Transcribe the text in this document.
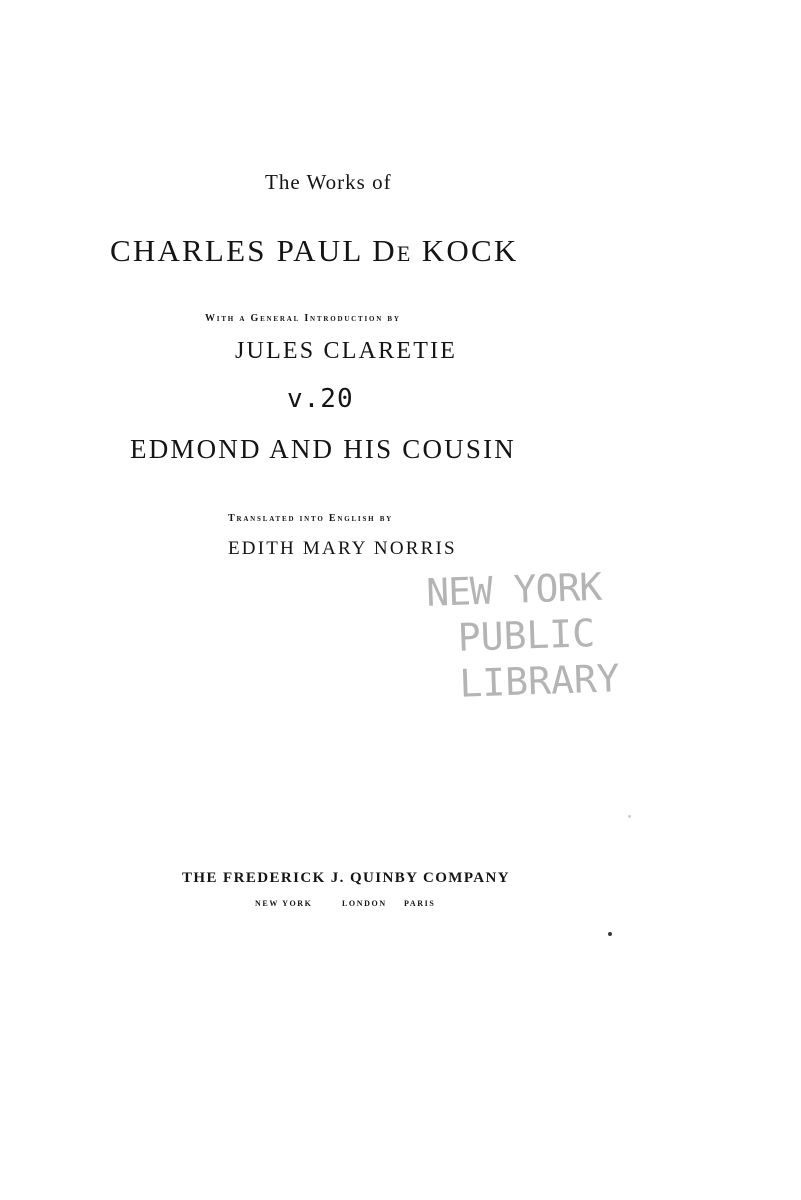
The Works of
CHARLES PAUL DE KOCK
With a General Introduction by
JULES CLARETIE
v.20
EDMOND AND HIS COUSIN
Translated into English by
EDITH MARY NORRIS
NEW YORK
PUBLIC
LIBRARY
THE FREDERICK J. QUINBY COMPANY
NEW YORK	LONDON PARIS
